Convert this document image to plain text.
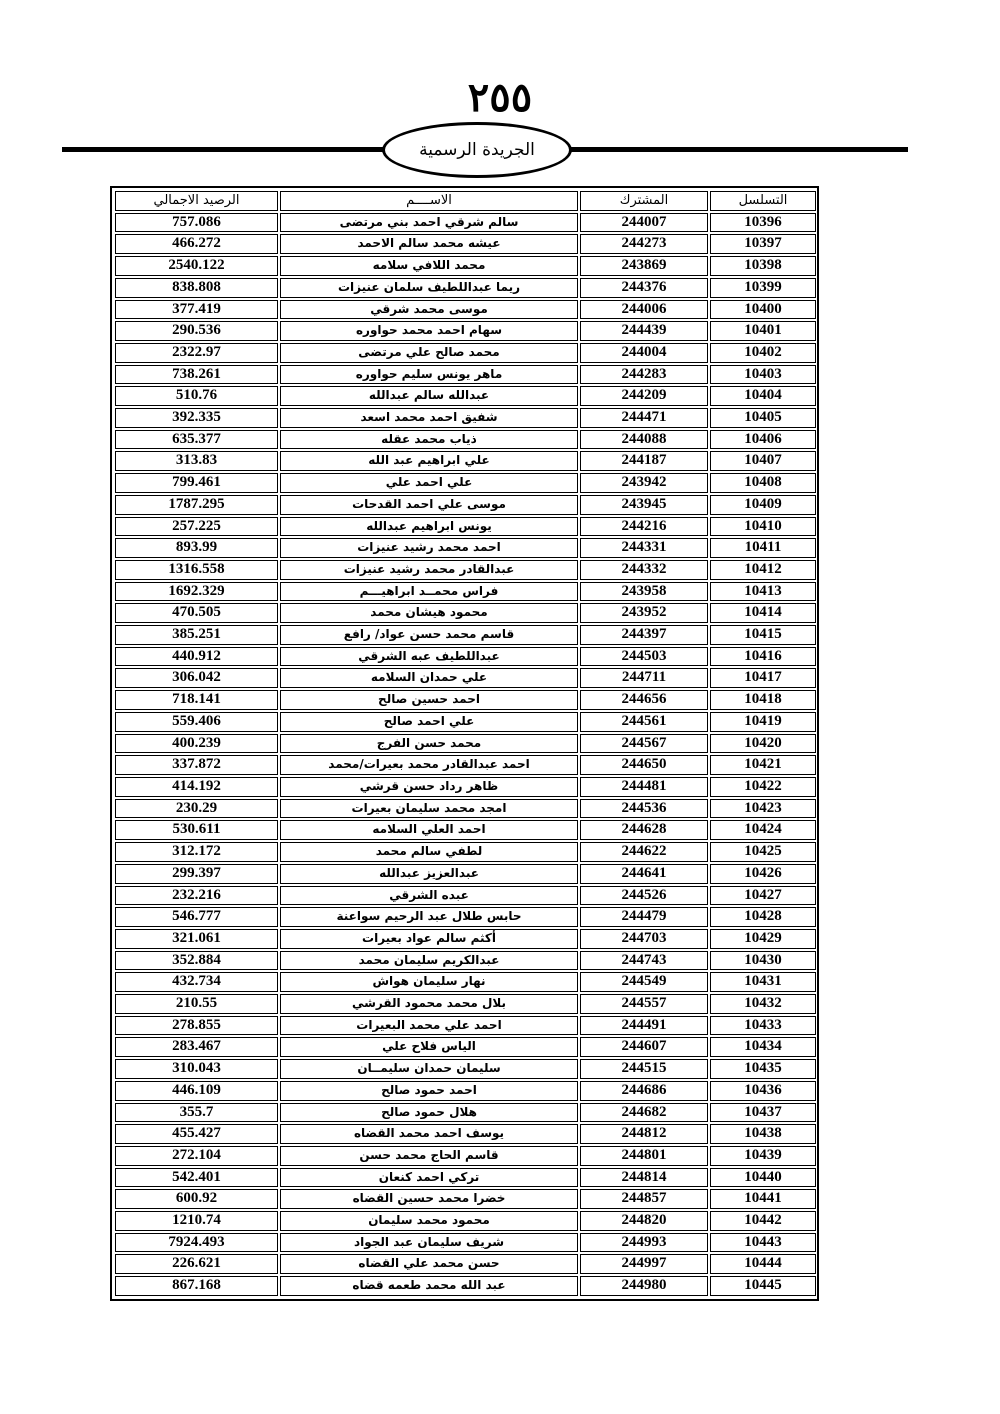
٢٥٥
الجريدة الرسمية
التسلسل	المشترك	الاســــم	الرصيد الاجمالي
10396	244007	سالم شرقي احمد بني مرتضى	757.086
10397	244273	عيشه محمد سالم الاحمد	466.272
10398	243869	محمد اللافي سلامه	2540.122
10399	244376	ريما عبداللطيف سلمان عنيزات	838.808
10400	244006	موسى محمد شرقي	377.419
10401	244439	سهام احمد محمد حواوره	290.536
10402	244004	محمد صالح علي مرتضى	2322.97
10403	244283	ماهر يونس سليم حواوره	738.261
10404	244209	عبدالله سالم عبدالله	510.76
10405	244471	شفيق احمد محمد اسعد	392.335
10406	244088	ذياب محمد عقله	635.377
10407	244187	علي ابراهيم عبد الله	313.83
10408	243942	علي احمد علي	799.461
10409	243945	موسى علي احمد القدحات	1787.295
10410	244216	يونس ابراهيم عبدالله	257.225
10411	244331	احمد محمد رشيد عنيزات	893.99
10412	244332	عبدالقادر محمد رشيد عنيزات	1316.558
10413	243958	فراس محمــد ابراهيـــم	1692.329
10414	243952	محمود هيشان محمد	470.505
10415	244397	قاسم محمد حسن عواد/ رافع	385.251
10416	244503	عبداللطيف عبه الشرقي	440.912
10417	244711	علي حمدان السلامه	306.042
10418	244656	احمد حسين صالح	718.141
10419	244561	علي احمد صالح	559.406
10420	244567	محمد حسن الفرج	400.239
10421	244650	احمد عبدالقادر محمد بعيرات/محمد	337.872
10422	244481	ظاهر رداد حسن قرشي	414.192
10423	244536	امجد محمد سليمان بعيرات	230.29
10424	244628	احمد العلي السلامه	530.611
10425	244622	لطفي سالم محمد	312.172
10426	244641	عبدالعزيز عبدالله	299.397
10427	244526	عبده الشرقي	232.216
10428	244479	حابس طلال عبد الرحيم سواعنة	546.777
10429	244703	أكثم سالم عواد بعيرات	321.061
10430	244743	عبدالكريم سليمان محمد	352.884
10431	244549	نهار سليمان هواش	432.734
10432	244557	بلال محمد محمود القرشي	210.55
10433	244491	احمد علي محمد البعيرات	278.855
10434	244607	الياس فلاح علي	283.467
10435	244515	سليمان حمدان سليمــان	310.043
10436	244686	احمد حمود صالح	446.109
10437	244682	هلال حمود صالح	355.7
10438	244812	يوسف احمد محمد القضاه	455.427
10439	244801	قاسم الحاج محمد حسن	272.104
10440	244814	تركي احمد كنعان	542.401
10441	244857	خضرا محمد حسين القضاه	600.92
10442	244820	محمود محمد سليمان	1210.74
10443	244993	شريف سليمان عبد الجواد	7924.493
10444	244997	حسن محمد علي القضاه	226.621
10445	244980	عبد الله محمد طعمه قضاه	867.168
